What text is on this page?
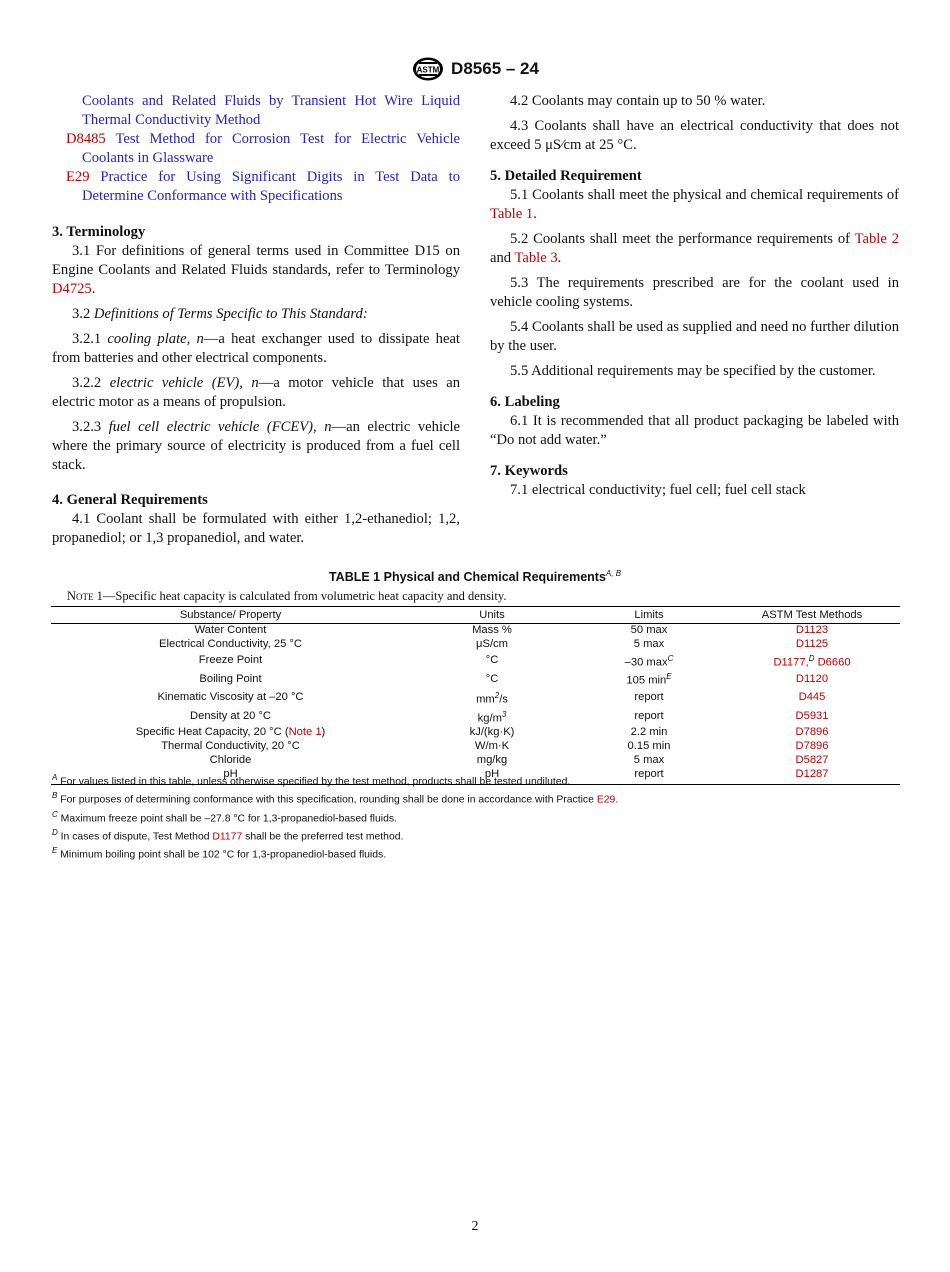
ASTM D8565 – 24

Coolants and Related Fluids by Transient Hot Wire Liquid Thermal Conductivity Method

D8485 Test Method for Corrosion Test for Electric Vehicle Coolants in Glassware

E29 Practice for Using Significant Digits in Test Data to Determine Conformance with Specifications

3. Terminology

3.1 For definitions of general terms used in Committee D15 on Engine Coolants and Related Fluids standards, refer to Terminology D4725.

3.2 Definitions of Terms Specific to This Standard:

3.2.1 cooling plate, n—a heat exchanger used to dissipate heat from batteries and other electrical components.

3.2.2 electric vehicle (EV), n—a motor vehicle that uses an electric motor as a means of propulsion.

3.2.3 fuel cell electric vehicle (FCEV), n—an electric vehicle where the primary source of electricity is produced from a fuel cell stack.

4. General Requirements

4.1 Coolant shall be formulated with either 1,2-ethanediol; 1,2, propanediol; or 1,3 propanediol, and water.

4.2 Coolants may contain up to 50 % water.

4.3 Coolants shall have an electrical conductivity that does not exceed 5 μS⁄cm at 25 °C.

5. Detailed Requirement

5.1 Coolants shall meet the physical and chemical requirements of Table 1.

5.2 Coolants shall meet the performance requirements of Table 2 and Table 3.

5.3 The requirements prescribed are for the coolant used in vehicle cooling systems.

5.4 Coolants shall be used as supplied and need no further dilution by the user.

5.5 Additional requirements may be specified by the customer.

6. Labeling

6.1 It is recommended that all product packaging be labeled with “Do not add water.”

7. Keywords

7.1 electrical conductivity; fuel cell; fuel cell stack

TABLE 1 Physical and Chemical Requirements$^{A, B}$
Note 1—Specific heat capacity is calculated from volumetric heat capacity and density.
Substance/ Property	Units	Limits	ASTM Test Methods
Water Content	Mass %	50 max	D1123
Electrical Conductivity, 25 °C	μS/cm	5 max	D1125
Freeze Point	°C	–30 $\max^C$	D1177,$^D$ D6660
Boiling Point	°C	105 $\min^E$	D1120
Kinematic Viscosity at –20 °C	$mm^2/s$	report	D445
Density at 20 °C	$kg/m^3$	report	D5931
Specific Heat Capacity, 20 °C (Note 1)	kJ/(kg·K)	2.2 min	D7896
Thermal Conductivity, 20 °C	W/m·K	0.15 min	D7896
Chloride	mg/kg	5 max	D5827
pH	pH	report	D1287

$^A$ For values listed in this table, unless otherwise specified by the test method, products shall be tested undiluted.

$^B$ For purposes of determining conformance with this specification, rounding shall be done in accordance with Practice E29.

$^C$ Maximum freeze point shall be –27.8 °C for 1,3-propanediol-based fluids.

$^D$ In cases of dispute, Test Method D1177 shall be the preferred test method.

$^E$ Minimum boiling point shall be 102 °C for 1,3-propanediol-based fluids.

2
